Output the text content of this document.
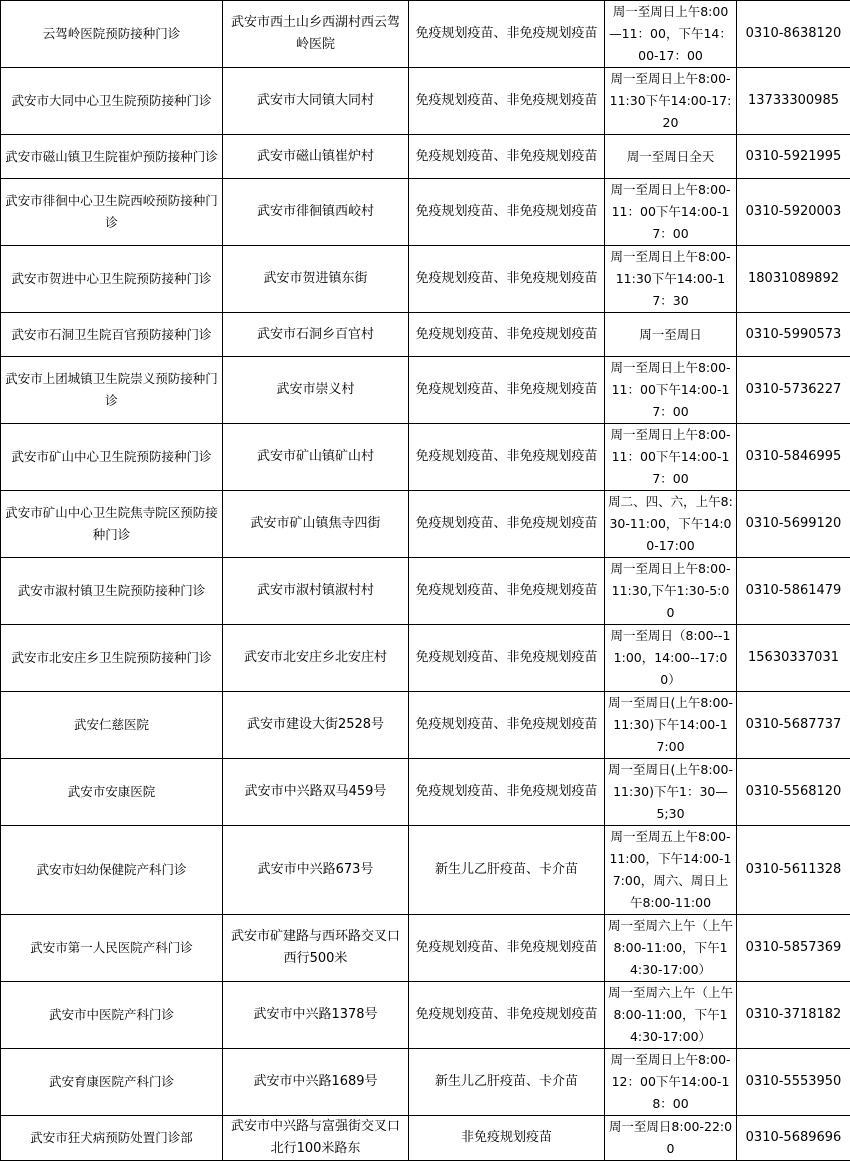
云驾岭医院预防接种门诊	武安市西土山乡西湖村西云驾岭医院	免疫规划疫苗、非免疫规划疫苗	周一至周日上午8:00—11：00，下午14：00-17：00	0310-8638120
武安市大同中心卫生院预防接种门诊	武安市大同镇大同村	免疫规划疫苗、非免疫规划疫苗	周一至周日上午8:00-11:30下午14:00-17:20	13733300985
武安市磁山镇卫生院崔炉预防接种门诊	武安市磁山镇崔炉村	免疫规划疫苗、非免疫规划疫苗	周一至周日全天	0310-5921995
武安市徘徊中心卫生院西峧预防接种门诊	武安市徘徊镇西峧村	免疫规划疫苗、非免疫规划疫苗	周一至周日上午8:00-11：00下午14:00-17：00	0310-5920003
武安市贺进中心卫生院预防接种门诊	武安市贺进镇东街	免疫规划疫苗、非免疫规划疫苗	周一至周日上午8:00-11:30下午14:00-17：30	18031089892
武安市石洞卫生院百官预防接种门诊	武安市石洞乡百官村	免疫规划疫苗、非免疫规划疫苗	周一至周日	0310-5990573
武安市上团城镇卫生院崇义预防接种门诊	武安市崇义村	免疫规划疫苗、非免疫规划疫苗	周一至周日上午8:00-11：00下午14:00-17：00	0310-5736227
武安市矿山中心卫生院预防接种门诊	武安市矿山镇矿山村	免疫规划疫苗、非免疫规划疫苗	周一至周日上午8:00-11：00下午14:00-17：00	0310-5846995
武安市矿山中心卫生院焦寺院区预防接种门诊	武安市矿山镇焦寺四街	免疫规划疫苗、非免疫规划疫苗	周二、四、六，上午8:30-11:00，下午14:00-17:00	0310-5699120
武安市淑村镇卫生院预防接种门诊	武安市淑村镇淑村村	免疫规划疫苗、非免疫规划疫苗	周一至周日上午8:00-11:30,下午1:30-5:00	0310-5861479
武安市北安庄乡卫生院预防接种门诊	武安市北安庄乡北安庄村	免疫规划疫苗、非免疫规划疫苗	周一至周日（8:00--11:00，14:00--17:00）	15630337031
武安仁慈医院	武安市建设大街2528号	免疫规划疫苗、非免疫规划疫苗	周一至周日(上午8:00-11:30)下午14:00-17:00	0310-5687737
武安市安康医院	武安市中兴路双马459号	免疫规划疫苗、非免疫规划疫苗	周一至周日(上午8:00-11:30)下午1：30—5;30	0310-5568120
武安市妇幼保健院产科门诊	武安市中兴路673号	新生儿乙肝疫苗、卡介苗	周一至周五上午8:00-11:00，下午14:00-17:00，周六、周日上午8:00-11:00	0310-5611328
武安市第一人民医院产科门诊	武安市矿建路与西环路交叉口西行500米	免疫规划疫苗、非免疫规划疫苗	周一至周六上午（上午8:00-11:00，下午14:30-17:00）	0310-5857369
武安市中医院产科门诊	武安市中兴路1378号	免疫规划疫苗、非免疫规划疫苗	周一至周六上午（上午8:00-11:00，下午14:30-17:00）	0310-3718182
武安育康医院产科门诊	武安市中兴路1689号	新生儿乙肝疫苗、卡介苗	周一至周日上午8:00-12：00下午14:00-18：00	0310-5553950
武安市狂犬病预防处置门诊部	武安市中兴路与富强街交叉口北行100米路东	非免疫规划疫苗	周一至周日8:00-22:00	0310-5689696
